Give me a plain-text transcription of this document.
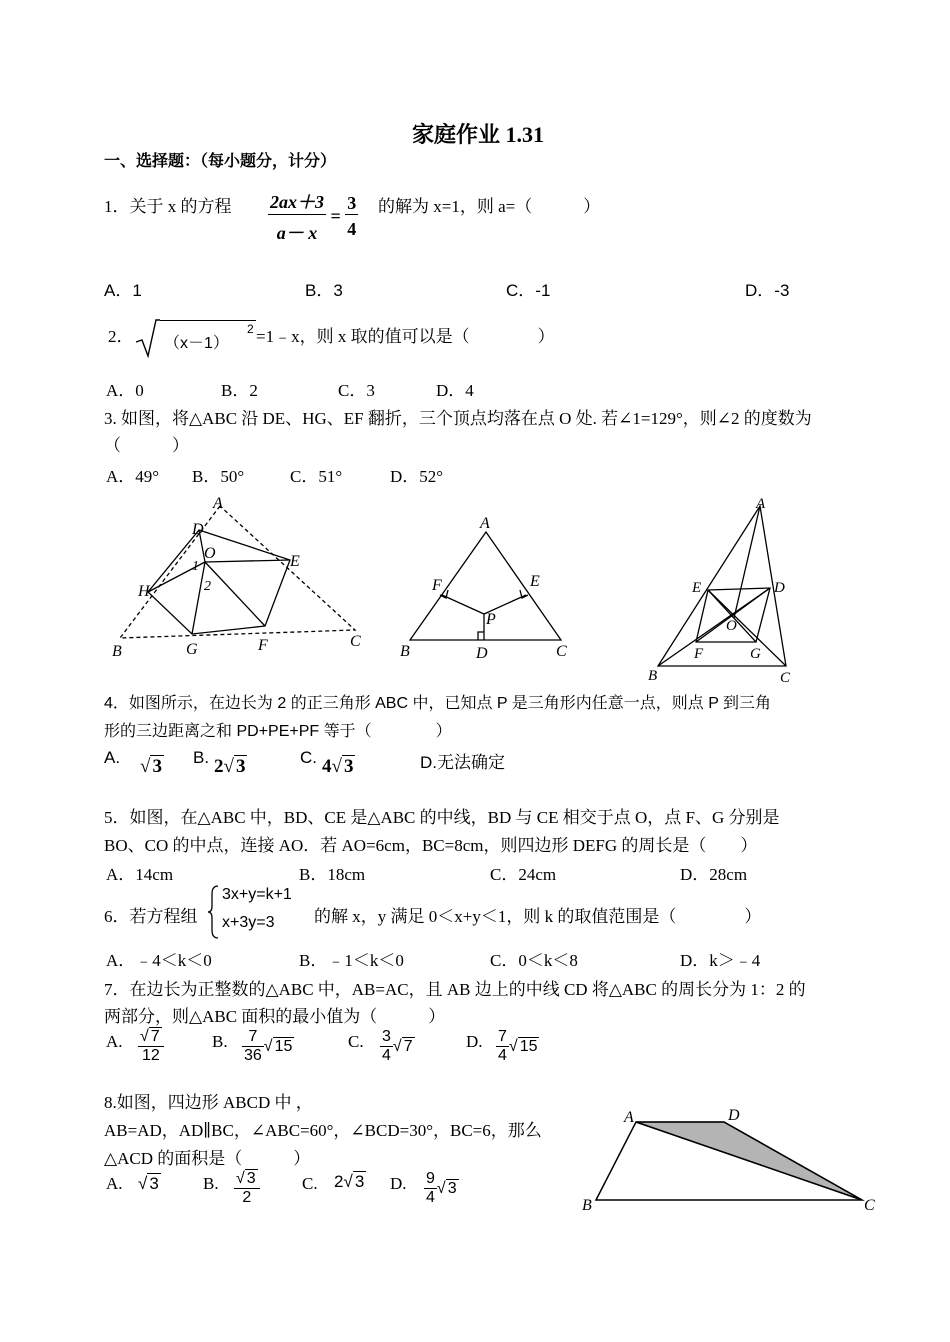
家庭作业 1.31
一、选择题：（每小题分，计分）
1．关于 x 的方程 $\frac{2ax+3}{a- x} = \frac{3}{4}$ 的解为 x=1，则 a=（　　　）
A．1	B．3	C．-1	D．-3
2． （x－1）
2 =1﹣x，则 x 取的值可以是（　　　　）
A．0	B．2	C．3	D．4
3. 如图，将△ABC 沿 DE、HG、EF 翻折，三个顶点均落在点 O 处. 若∠1=129°，则∠2 的度数为
（　　　）
A．49° B．50°	C．51°	D．52°
A
D
O	E
H
1
2
B	G	F	C
A
F	E
P
B	D	C
A
E	D
O
B
F	G
C
4．如图所示，在边长为 2 的正三角形 ABC 中，已知点 P 是三角形内任意一点，则点 P 到三角
形的三边距离之和 PD+PE+PF 等于（　　　　）
A. √ 3 B. 2√ 3	C. 4√ 3	D.无法确定
5．如图，在△ABC 中，BD、CE 是△ABC 的中线，BD 与 CE 相交于点 O，点 F、G 分别是
BO、CO 的中点，连接 AO．若 AO=6cm，BC=8cm，则四边形 DEFG 的周长是（　　）
A．14cm	B．18cm	C．24cm	D．28cm
6．若方程组
3x+y=k+1
x+3y=3 的解 x，y 满足 0＜x+y＜1，则 k 的取值范围是（　　　　）
A．﹣4＜k＜0	B．﹣1＜k＜0	C．0＜k＜8	D．k＞﹣4
7．在边长为正整数的△ABC 中，AB=AC，且 AB 边上的中线 CD 将△ABC 的周长分为 1：2 的
两部分，则△ABC 面积的最小值为（　　　）
A. $\frac{√ 7}{12}$	B. $\frac{7}{36}$ √ 15	C. $\frac{3}{4}$ √ 7	D. $\frac{7}{4}$ √ 15
8.如图，四边形 ABCD 中 ，
AB=AD，AD∥BC，∠ABC=60°，∠BCD=30°，BC=6，那么
△ACD 的面积是（　　　）
A. √ 3	B. $\frac{√ 3}{2} C$. 2√ 3 D. $\frac{9}{4}$ √ 3
A	D
B	C
